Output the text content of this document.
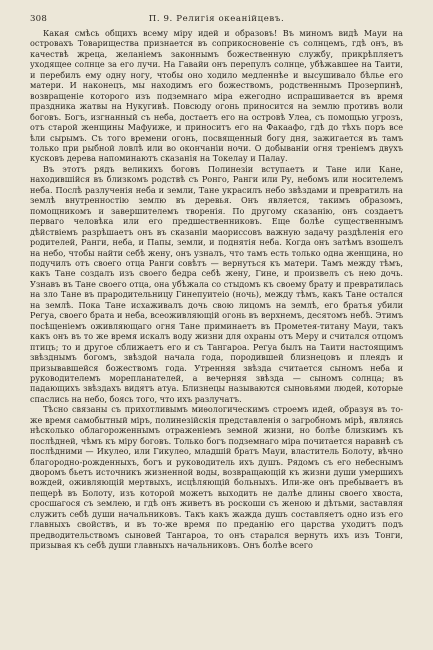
308	П. 9. Религія океанійцевъ.

Какая смѣсь общихъ всему міру идей и образовъ! Въ миномъ видѣ Мауи на островахъ Товарищества признается въ соприкосновеніе съ солнцемъ, гдѣ онъ, въ качествѣ жреца, желаніемъ законнымъ божественную службу, прикрѣпляетъ уходящее солнце за его лучи. На Гавайи онъ перепулъ солнце, убѣжавшее на Таити, и перебилъ ему одну ногу, чтобы оно ходило медленнѣе и высушивало бѣлье его матери. И наконецъ, мы находимъ его божествомъ, родственнымъ Прозерпинѣ, возвращеніе которого изъ подземнаго міра ежегодно испрашивается въ время праздника жатвы на Нукугивѣ. Повсюду огонь приносится на землю противъ воли боговъ. Богъ, изгнанный съ неба, достаетъ его на островѣ Улеа, съ помощью угрозъ, отъ старой женщины Мафуиже, и приноситъ его на Факаафо, гдѣ до тѣхъ поръ все ѣли сырымъ. Съ того времени огонь, посвященный богу дня, зажигается въ тамъ только при рыбной ловлѣ или во окончаніи ночи. О добываніи огня треніемъ двухъ кусковъ дерева напоминаютъ сказанія на Токелау и Палау.

Въ этотъ рядъ великихъ боговъ Полинезіи вступаетъ и Тане или Кане, находившійся въ близкомъ родствѣ съ Ронго, Ранги или Ру, небомъ или носителемъ неба. Послѣ разлученія неба и земли, Тане украсилъ небо звѣздами и превратилъ на землѣ внутренностію землю въ деревья. Онъ является, такимъ образомъ, помощникомъ и завершителемъ творенія. По другому сказанію, онъ создаетъ перваго человѣка или его предшественниковъ. Еще болѣе существеннымъ дѣйствіемъ разрѣшаетъ онъ въ сказаніи маориссовъ важную задачу раздѣленія его родителей, Ранги, неба, и Папы, земли, и поднятія неба. Когда онъ затѣмъ взошелъ на небо, чтобы найти себѣ жену, онъ узналъ, что тамъ есть только одна женщина, но подучилъ отъ своего отца Ранги совѣтъ — вернуться къ матери. Тамъ между тѣмъ, какъ Тане создалъ изъ своего бедра себѣ жену, Гине, и произвелъ съ нею дочь. Узнавъ въ Тане своего отца, она убѣжала со стыдомъ къ своему брату и превратилась на зло Тане въ прародительницу Гинепуитеіо (ночь), между тѣмъ, какъ Тане остался на землѣ. Пока Тане исхаживалъ дочь свою лицомъ на землѣ, его братья убили Регуа, своего брата и неба, всеоживляющій огонь въ верхнемъ, десятомъ небѣ. Этимъ посѣщеніемъ оживляющаго огня Тане приминаетъ въ Прометея-титану Мауи, такъ какъ онъ въ то же время искалъ воду жизни для охраны отъ Меру и считался отцомъ птицъ; то и другое сближаетъ его и съ Тангароа. Регуа былъ на Таити настоящимъ звѣзднымъ богомъ, звѣздой начала года, породившей близнецовъ и плеядъ и призывавшейся божествомъ года. Утренняя звѣзда считается сыномъ неба и руководителемъ морепланателей, а вечерняя звѣзда — сыномъ солнца; въ падающихъ звѣздахъ видятъ атуа. Близнецы называются сыновьями людей, которые спаслись на небо, боясь того, что ихъ разлучатъ.

Тѣсно связаны съ прихотливымъ миѳологическимъ строемъ идей, образуя въ то-же время самобытный міръ, полинезійскія представленія о загробномъ мірѣ, являясь нѣсколько облагороженнымъ отраженіемъ земной жизни, но болѣе близкимъ къ послѣдней, чѣмъ къ міру боговъ. Только богъ подземнаго міра почитается наравнѣ съ послѣдними — Икулео, или Гикулео, младшій братъ Мауи, властитель Болоту, вѣчно благородно-рожденныхъ, богъ и руководитель ихъ душъ. Рядомъ съ его небеснымъ дворомъ бьетъ источникъ жизненной воды, возвращающій къ жизни души умершихъ вождей, оживляющій мертвыхъ, исцѣляющій больныхъ. Или-же онъ пребываетъ въ пещерѣ въ Болоту, изъ которой можетъ выходить не далѣе длины своего хвоста, сросшагося съ землею, и гдѣ онъ живетъ въ роскоши съ женою и дѣтьми, заставляя служить себѣ души начальниковъ. Такъ какъ жажда душъ составляетъ одно изъ его главныхъ свойствъ, и въ то-же время по преданію его царства уходитъ подъ предводительствомъ сыновей Тангароа, то онъ старался вернуть ихъ изъ Тонги, призывая къ себѣ души главныхъ начальниковъ. Онъ болѣе всего
